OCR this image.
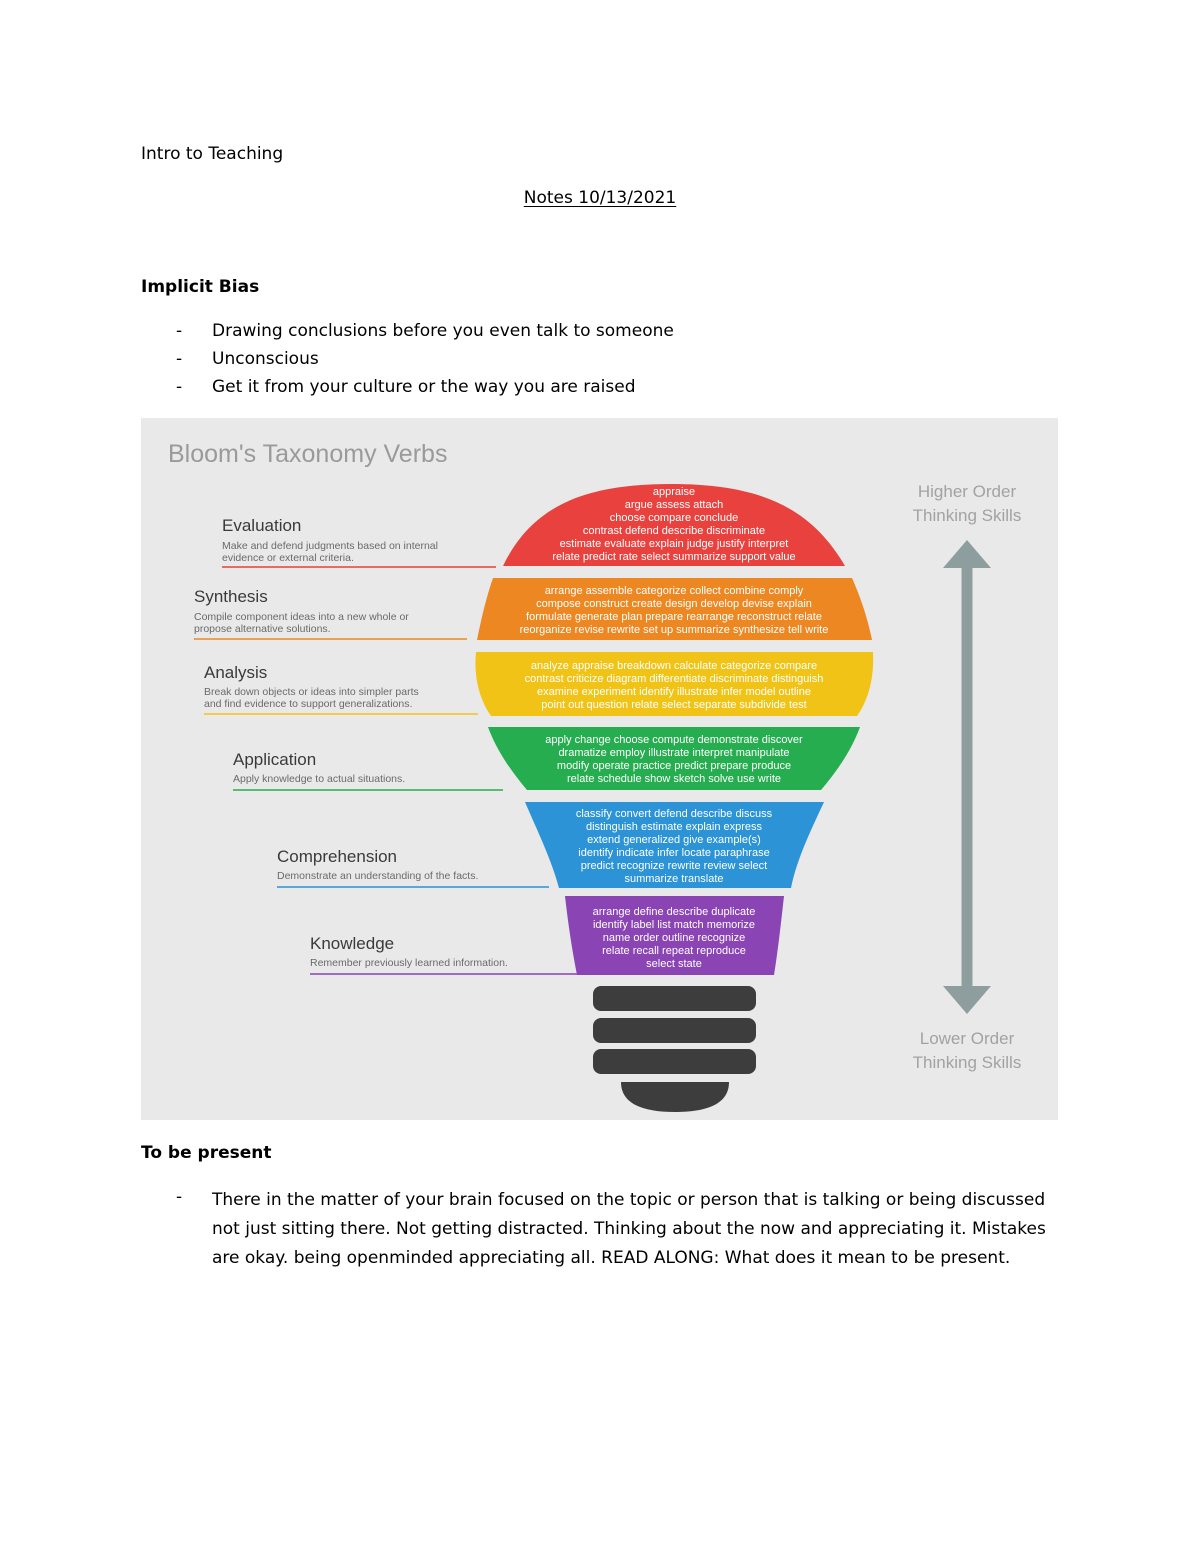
Intro to Teaching
Notes 10/13/2021
Implicit Bias
- Drawing conclusions before you even talk to someone
- Unconscious
- Get it from your culture or the way you are raised
Bloom's Taxonomy Verbs
Higher Order
Thinking Skills
Lower Order
Thinking Skills
Evaluation
Make and defend judgments based on internal
evidence or external criteria.
Synthesis
Compile component ideas into a new whole or
propose alternative solutions.
Analysis
Break down objects or ideas into simpler parts
and find evidence to support generalizations.
Application
Apply knowledge to actual situations.
Comprehension
Demonstrate an understanding of the facts.
Knowledge
Remember previously learned information.
appraise
argue assess attach
choose compare conclude
contrast defend describe discriminate
estimate evaluate explain judge justify interpret
relate predict rate select summarize support value
arrange assemble categorize collect combine comply
compose construct create design develop devise explain
formulate generate plan prepare rearrange reconstruct relate
reorganize revise rewrite set up summarize synthesize tell write
analyze appraise breakdown calculate categorize compare
contrast criticize diagram differentiate discriminate distinguish
examine experiment identify illustrate infer model outline
point out question relate select separate subdivide test
apply change choose compute demonstrate discover
dramatize employ illustrate interpret manipulate
modify operate practice predict prepare produce
relate schedule show sketch solve use write
classify convert defend describe discuss
distinguish estimate explain express
extend generalized give example(s)
identify indicate infer locate paraphrase
predict recognize rewrite review select
summarize translate
arrange define describe duplicate
identify label list match memorize
name order outline recognize
relate recall repeat reproduce
select state
To be present
- There in the matter of your brain focused on the topic or person that is talking or being discussed not just sitting there. Not getting distracted. Thinking about the now and appreciating it. Mistakes are okay. being openminded appreciating all. READ ALONG: What does it mean to be present.
